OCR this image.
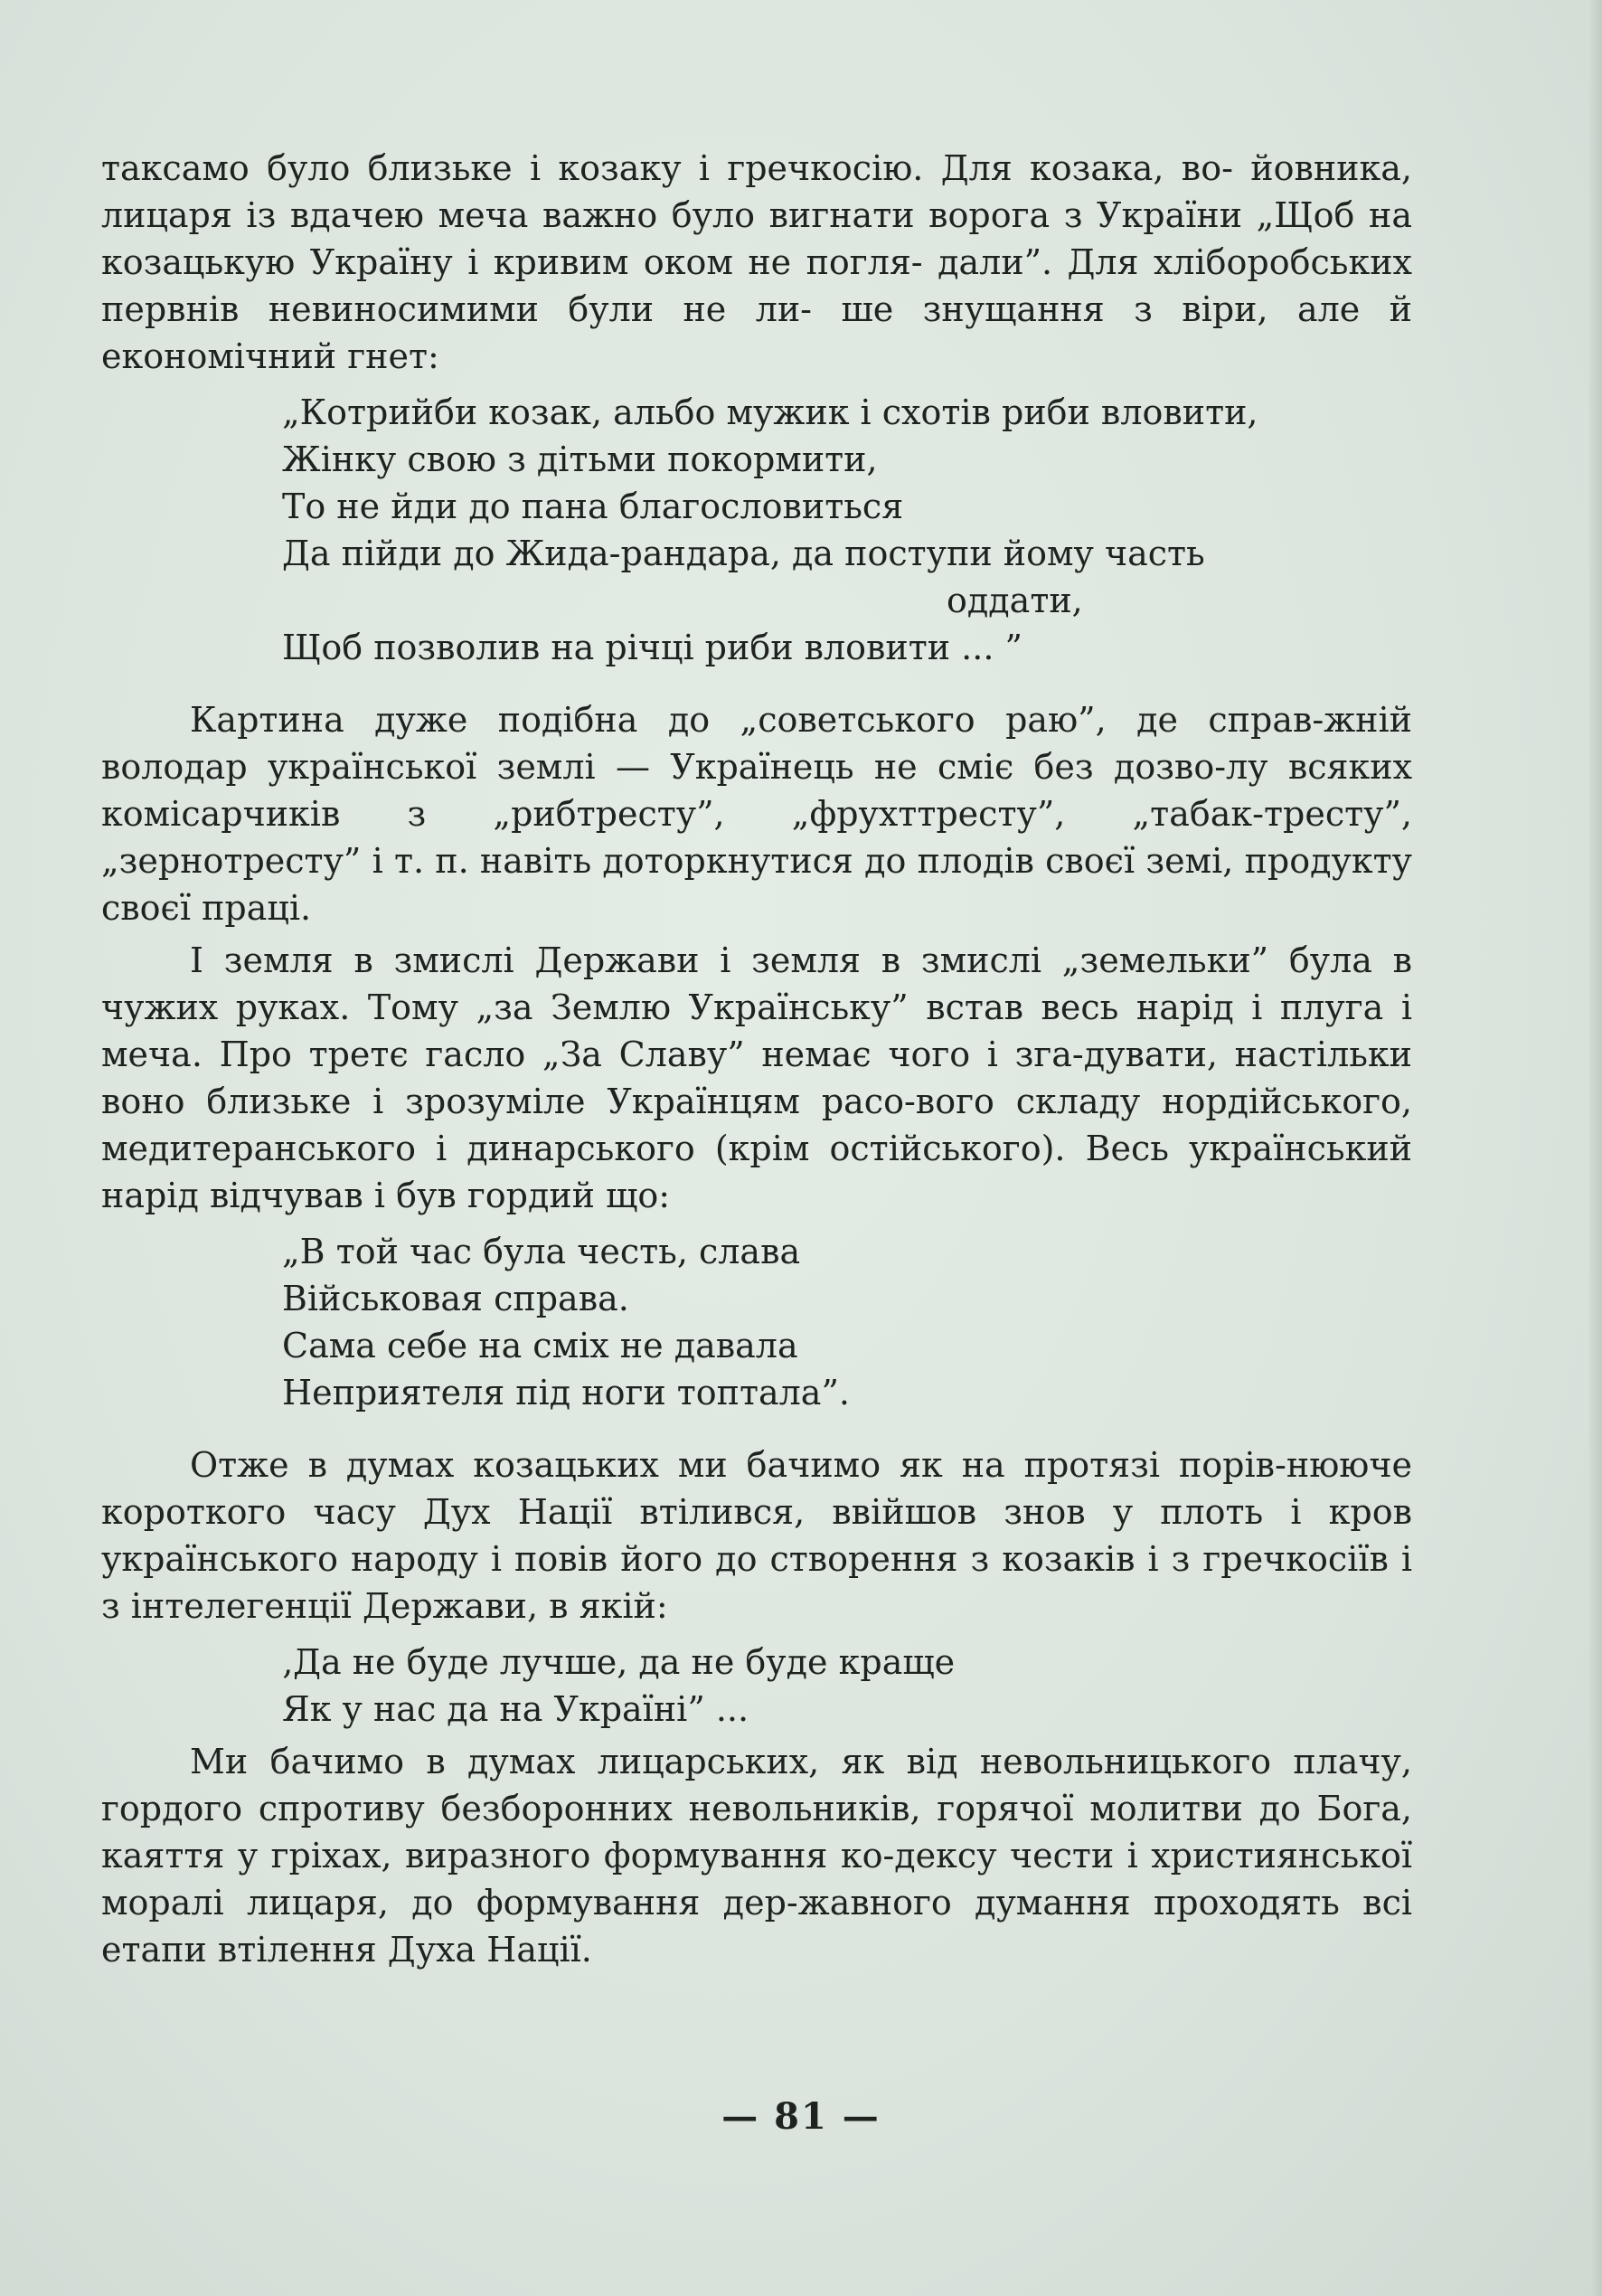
таксамо було близьке і козаку і гречкосію. Для козака, во- йовника, лицаря із вдачею меча важно було вигнати ворога з України „Щоб на козацькую Україну і кривим оком не погля- дали”. Для хліборобських первнів невиносимими були не ли- ше знущання з віри, але й економічний гнет:

„Котрийби козак, альбо мужик і схотів риби вловити,
Жінку свою з дітьми покормити,
То не йди до пана благословиться
Да пійди до Жида-рандара, да поступи йому часть
оддати,
Щоб позволив на річці риби вловити ... ”

Картина дуже подібна до „советського раю”, де справ-жній володар української землі — Українець не сміє без дозво-лу всяких комісарчиків з „рибтресту”, „фрухттресту”, „табак-тресту”, „зернотресту” і т. п. навіть доторкнутися до плодів своєї земі, продукту своєї праці.

І земля в змислі Держави і земля в змислі „земельки” була в чужих руках. Тому „за Землю Українську” встав весь нарід і плуга і меча. Про третє гасло „За Славу” немає чого і зга-дувати, настільки воно близьке і зрозуміле Українцям расо-вого складу нордійського, медитеранського і динарського (крім остійського). Весь український нарід відчував і був гордий що:

„В той час була честь, слава
Військовая справа.
Сама себе на сміх не давала
Неприятеля під ноги топтала”.

Отже в думах козацьких ми бачимо як на протязі порів-нююче короткого часу Дух Нації втілився, ввійшов знов у плоть і кров українського народу і повів його до створення з козаків і з гречкосіїв і з інтелегенції Держави, в якій:

‚Да не буде лучше, да не буде краще
Як у нас да на Україні” ...

Ми бачимо в думах лицарських, як від невольницького плачу, гордого спротиву безборонних невольників, горячої молитви до Бога, каяття у гріхах, виразного формування ко-дексу чести і християнської моралі лицаря, до формування дер-жавного думання проходять всі етапи втілення Духа Нації.

— 81 —
